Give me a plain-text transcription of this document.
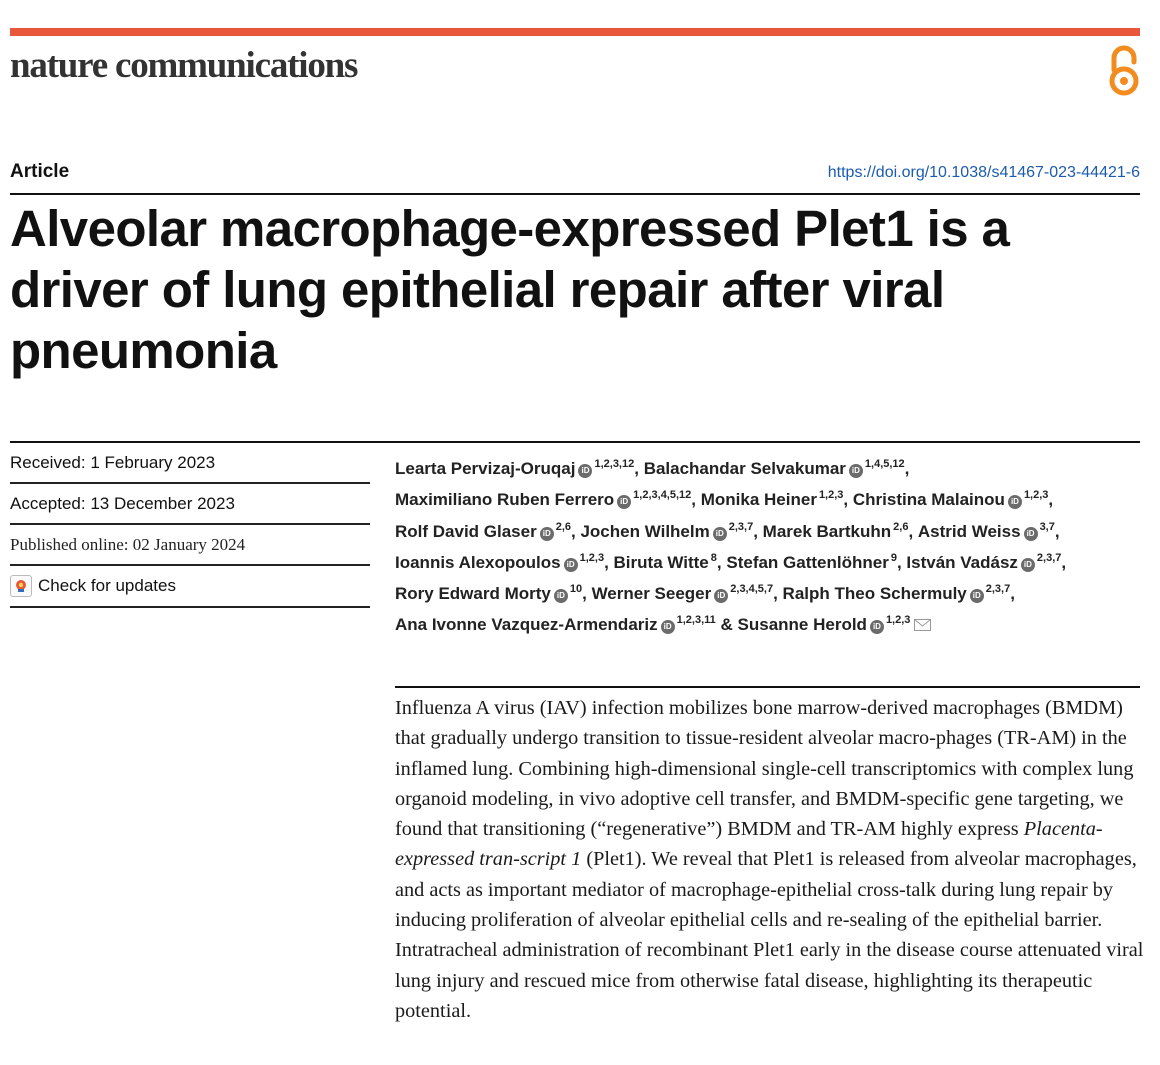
nature communications
Article	https://doi.org/10.1038/s41467-023-44421-6
Alveolar macrophage-expressed Plet1 is a driver of lung epithelial repair after viral pneumonia
Received: 1 February 2023
Accepted: 13 December 2023
Published online: 02 January 2024
Check for updates
Learta Pervizaj-Oruqaj iD$^{1,2,3,12}$, Balachandar Selvakumar iD$^{1,4,5,12}$, Maximiliano Ruben Ferrero iD$^{1,2,3,4,5,12}$, Monika Heiner $^{1,2,3}$, Christina Malainou iD$^{1,2,3}$, Rolf David Glaser iD$^{2,6}$, Jochen Wilhelm iD$^{2,3,7}$, Marek Bartkuhn $^{2,6}$, Astrid Weiss iD$^{3,7}$, Ioannis Alexopoulos iD$^{1,2,3}$, Biruta Witte $^8$, Stefan Gattenlöhner $^9$, István Vadász iD$^{2,3,7}$, Rory Edward Morty iD$^{10}$, Werner Seeger iD$^{2,3,4,5,7}$, Ralph Theo Schermuly iD$^{2,3,7}$, Ana Ivonne Vazquez-Armendariz iD$^{1,2,3,11}$ & Susanne Herold iD$^{1,2,3}$

Influenza A virus (IAV) infection mobilizes bone marrow-derived macrophages (BMDM) that gradually undergo transition to tissue-resident alveolar macro-phages (TR-AM) in the inflamed lung. Combining high-dimensional single-cell transcriptomics with complex lung organoid modeling, in vivo adoptive cell transfer, and BMDM-specific gene targeting, we found that transitioning (“regenerative”) BMDM and TR-AM highly express Placenta-expressed tran-script 1 (Plet1). We reveal that Plet1 is released from alveolar macrophages, and acts as important mediator of macrophage-epithelial cross-talk during lung repair by inducing proliferation of alveolar epithelial cells and re-sealing of the epithelial barrier. Intratracheal administration of recombinant Plet1 early in the disease course attenuated viral lung injury and rescued mice from otherwise fatal disease, highlighting its therapeutic potential.
